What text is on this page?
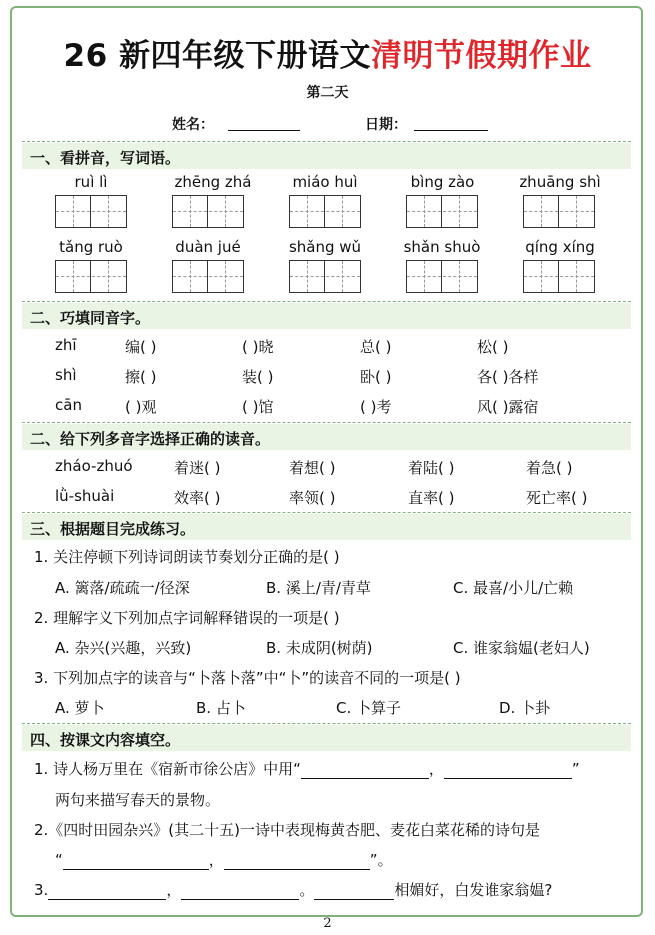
26 新四年级下册语文清明节假期作业
第二天
姓名：	日期：
一、看拼音，写词语。
ruì lì	zhēng zhá	miáo huì	bìng zào	zhuāng shì
tǎng ruò	duàn jué	shǎng wǔ	shǎn shuò	qíng xíng
二、巧填同音字。
zhī	编( )	( )晓	总( )	松( )
shì	擦( )	装( )	卧( )	各( )各样
cān	( )观	( )馆	( )考	风( )露宿
二、给下列多音字选择正确的读音。
zháo-zhuó	着迷( )	着想( )	着陆( )	着急( )
lǜ-shuài	效率( )	率领( )	直率( )	死亡率( )
三、根据题目完成练习。
1. 关注停顿下列诗词朗读节奏划分正确的是( )
A. 篱落/疏疏一/径深	B. 溪上/青/青草	C. 最喜/小儿/亡赖
2. 理解字义下列加点字词解释错误的一项是( )
A. 杂兴(兴趣，兴致)	B. 未成阴(树荫)	C. 谁家翁媪(老妇人)
3. 下列加点字的读音与“卜落卜落”中“卜”的读音不同的一项是( )
A. 萝卜	B. 占卜	C. 卜算子	D. 卜卦
四、按课文内容填空。
1. 诗人杨万里在《宿新市徐公店》中用“	，	”
两句来描写春天的景物。
2.《四时田园杂兴》(其二十五)一诗中表现梅黄杏肥、麦花白菜花稀的诗句是
“	，	”。
3.	，	。	相媚好，白发谁家翁媪?
2
